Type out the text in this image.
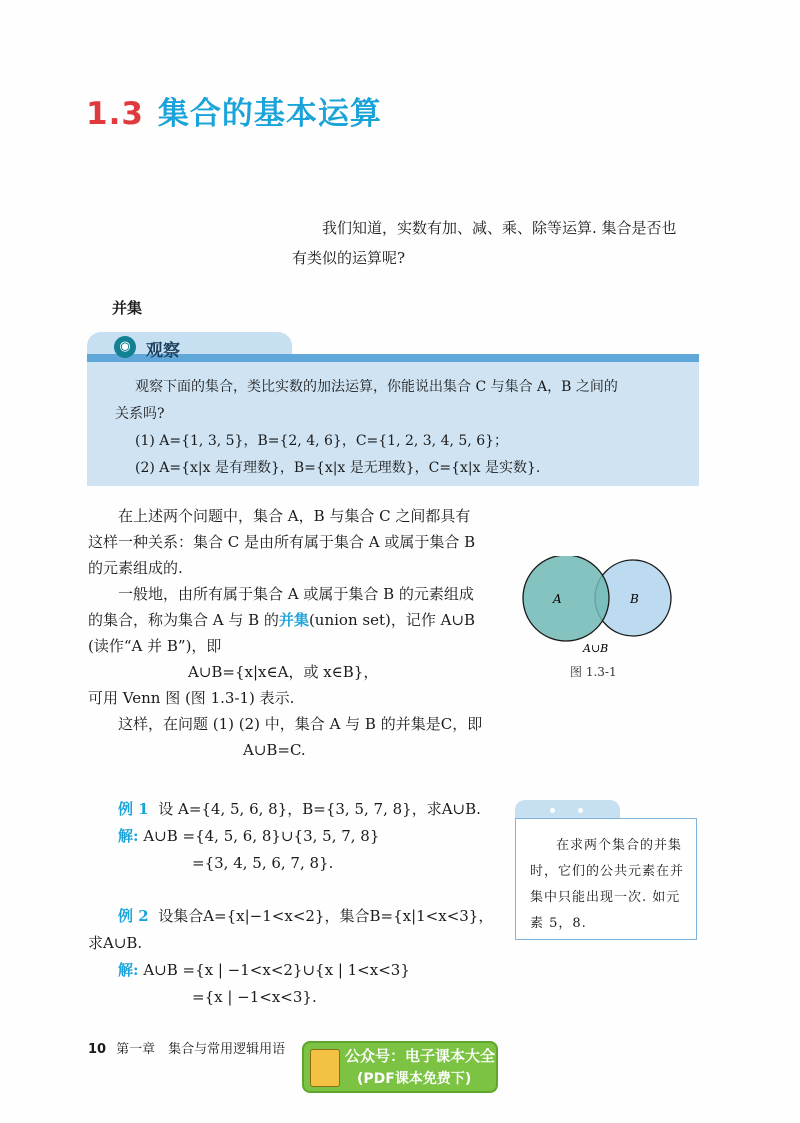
1.3 集合的基本运算
我们知道，实数有加、减、乘、除等运算. 集合是否也
有类似的运算呢?
并集
◉ 观察

观察下面的集合，类比实数的加法运算，你能说出集合 C 与集合 A，B 之间的

关系吗?

(1) A={1, 3, 5}，B={2, 4, 6}，C={1, 2, 3, 4, 5, 6}；

(2) A={x|x 是有理数}，B={x|x 是无理数}，C={x|x 是实数}.

在上述两个问题中，集合 A，B 与集合 C 之间都具有

这样一种关系：集合 C 是由所有属于集合 A 或属于集合 B

的元素组成的.

一般地，由所有属于集合 A 或属于集合 B 的元素组成

的集合，称为集合 A 与 B 的并集(union set)，记作 A∪B

(读作“A 并 B”)，即

A∪B={x|x∈A，或 x∈B}，

可用 Venn 图 (图 1.3-1) 表示.

这样，在问题 (1) (2) 中，集合 A 与 B 的并集是C，即

A∪B=C.

A	B
A∪B
图 1.3-1

例 1 设 A={4, 5, 6, 8}，B={3, 5, 7, 8}，求A∪B.

解: A∪B ={4, 5, 6, 8}∪{3, 5, 7, 8}

={3, 4, 5, 6, 7, 8}.

例 2 设集合A={x|−1<x<2}，集合B={x|1<x<3}，

求A∪B.

解: A∪B ={x | −1<x<2}∪{x | 1<x<3}

={x | −1<x<3}.

在求两个集合的并集

时，它们的公共元素在并

集中只能出现一次. 如元

素 5，8.

10 第一章　集合与常用逻辑用语	公众号：电子课本大全
(PDF课本免费下)
